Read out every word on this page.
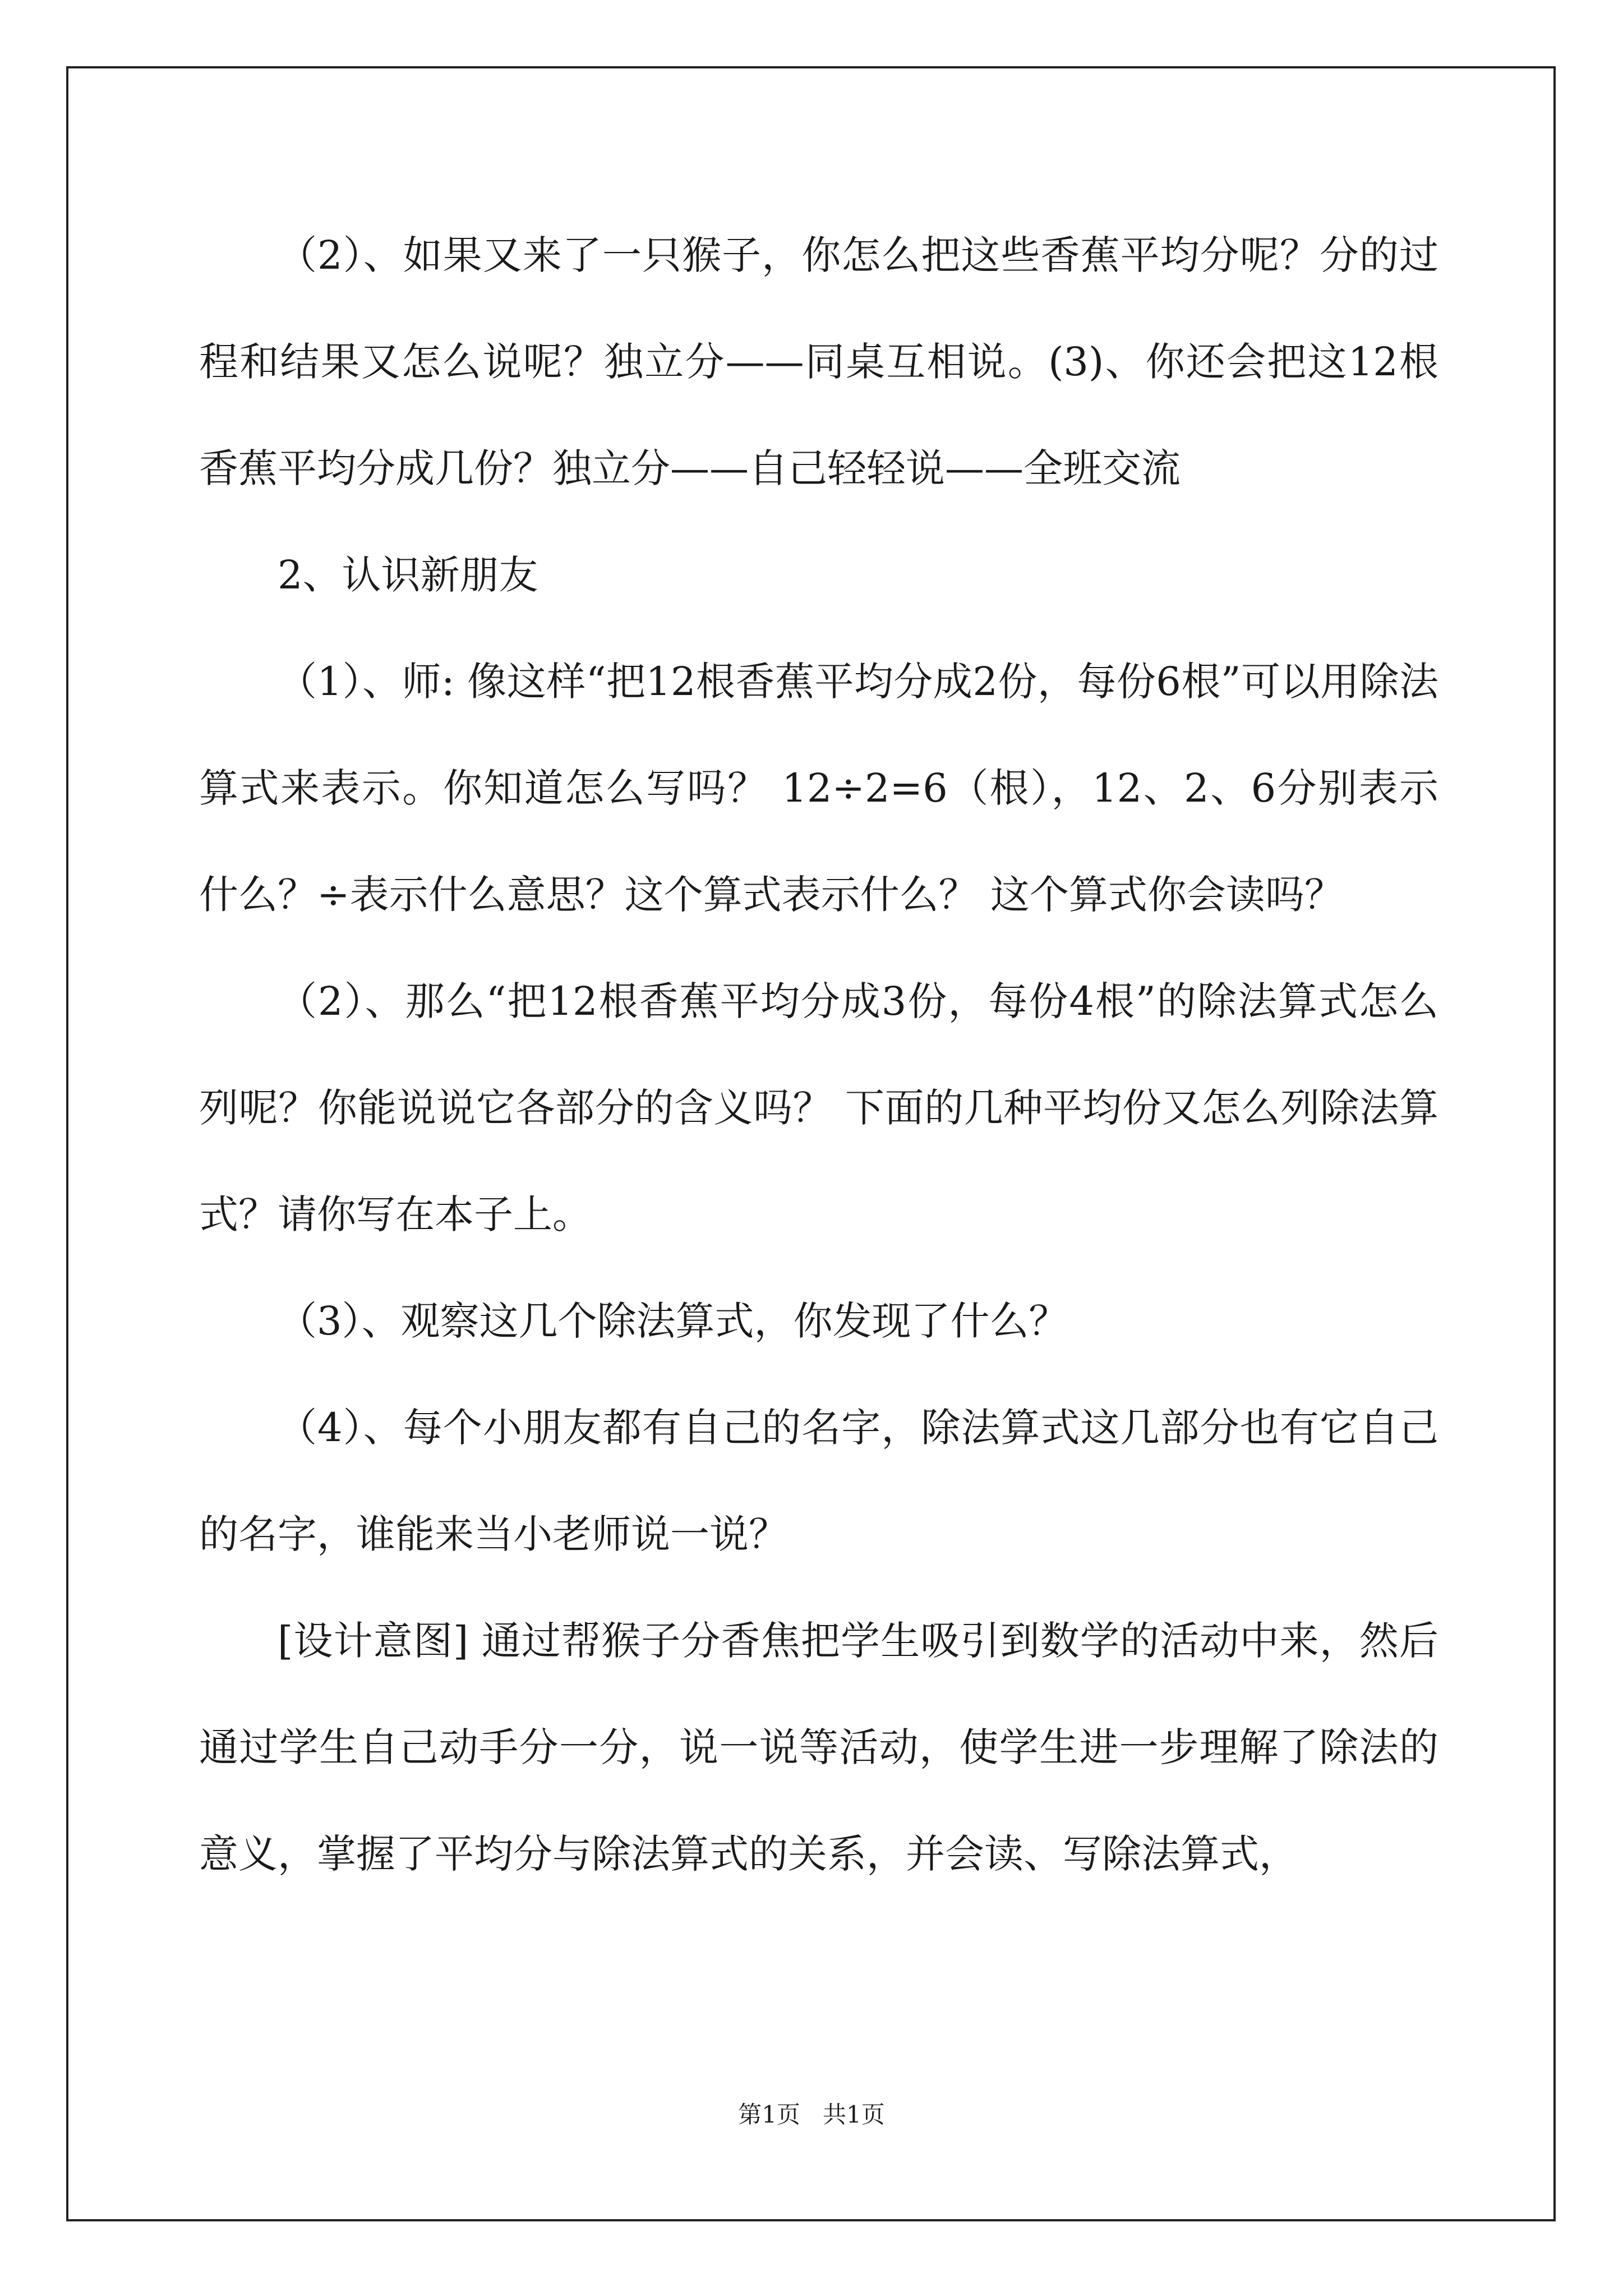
（2）、如果又来了一只猴子，你怎么把这些香蕉平均分呢？分的过程和结果又怎么说呢？独立分——同桌互相说。(3)、你还会把这12根香蕉平均分成几份？独立分——自己轻轻说——全班交流

2、认识新朋友

（1）、师: 像这样“把12根香蕉平均分成2份，每份6根”可以用除法算式来表示。你知道怎么写吗？ 12÷2=6（根），12、2、6分别表示什么？÷表示什么意思？这个算式表示什么？ 这个算式你会读吗？

（2）、那么“把12根香蕉平均分成3份，每份4根”的除法算式怎么列呢？你能说说它各部分的含义吗？ 下面的几种平均份又怎么列除法算式？请你写在本子上。

（3）、观察这几个除法算式，你发现了什么？

（4）、每个小朋友都有自己的名字，除法算式这几部分也有它自己的名字，谁能来当小老师说一说？

[设计意图] 通过帮猴子分香焦把学生吸引到数学的活动中来，然后通过学生自己动手分一分，说一说等活动，使学生进一步理解了除法的意义，掌握了平均分与除法算式的关系，并会读、写除法算式，

第1页 共1页
